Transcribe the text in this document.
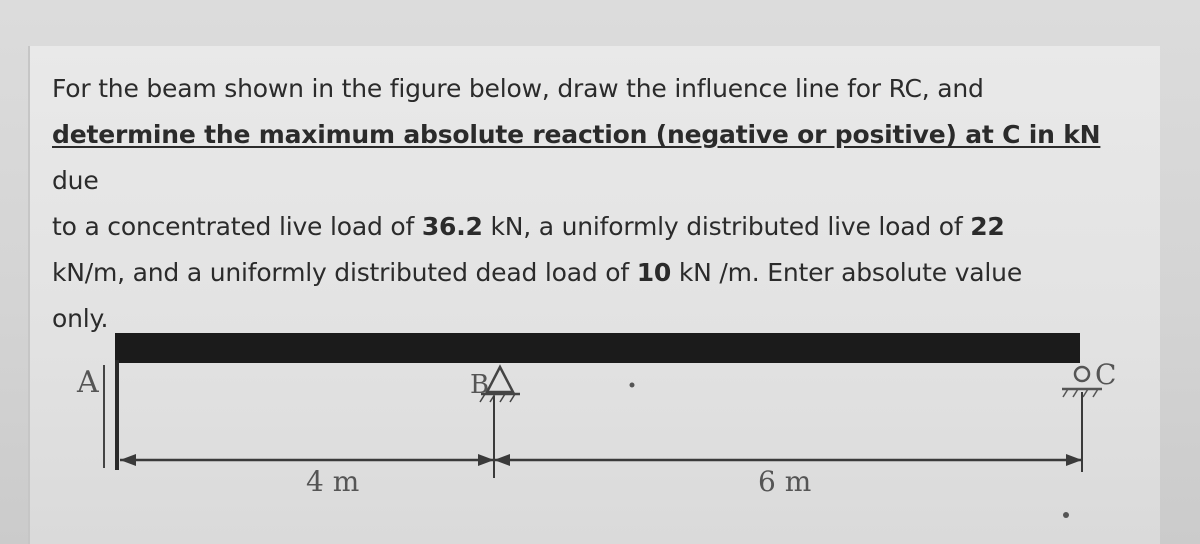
For the beam shown in the figure below, draw the influence line for RC, and

determine the maximum absolute reaction (negative or positive) at C in kN due

to a concentrated live load of 36.2 kN, a uniformly distributed live load of 22

kN/m, and a uniformly distributed dead load of 10 kN /m. Enter absolute value

only.

A	B	C
4 m	6 m
